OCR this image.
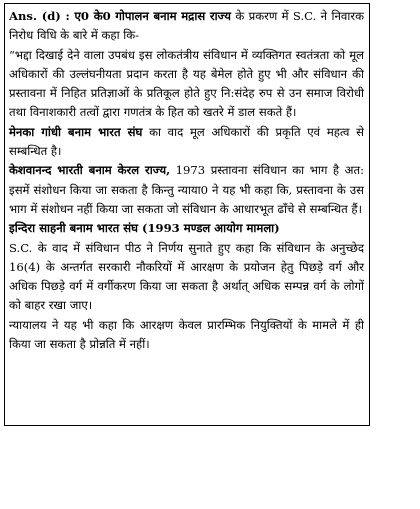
Ans. (d) : ए0 के0 गोपालन बनाम मद्रास राज्य के प्रकरण में S.C. ने निवारक निरोध विधि के बारे में कहा कि-

“भद्दा दिखाई देने वाला उपबंध इस लोकतंत्रीय संविधान में व्यक्तिगत स्वतंत्रता को मूल अधिकारों की उल्लंघनीयता प्रदान करता है यह बेमेल होते हुए भी और संविधान की प्रस्तावना में निहित प्रतिज्ञाओं के प्रतिकूल होते हुए नि:संदेह रुप से उन समाज विरोधी तथा विनाशकारी तत्वों द्वारा गणतंत्र के हित को खतरे में डाल सकते हैं।

मेनका गांधी बनाम भारत संघ का वाद मूल अधिकारों की प्रकृति एवं महत्व से सम्बन्धित है।

केशवानन्द भारती बनाम केरल राज्य, 1973 प्रस्तावना संविधान का भाग है अत: इसमें संशोधन किया जा सकता है किन्तु न्याया0 ने यह भी कहा कि, प्रस्तावना के उस भाग में संशोधन नहीं किया जा सकता जो संविधान के आधारभूत ढाँचे से सम्बन्धित हैं।

इन्दिरा साहनी बनाम भारत संघ (1993 मण्डल आयोग मामला)

S.C. के वाद में संविधान पीठ ने निर्णय सुनाते हुए कहा कि संविधान के अनुच्छेद 16(4) के अन्तर्गत सरकारी नौकरियों में आरक्षण के प्रयोजन हेतु पिछड़े वर्ग और अधिक पिछड़े वर्ग में वर्गीकरण किया जा सकता है अर्थात् अधिक सम्पन्न वर्ग के लोगों को बाहर रखा जाए।

न्यायालय ने यह भी कहा कि आरक्षण केवल प्रारम्भिक नियुक्तियों के मामले में ही किया जा सकता है प्रोन्नति में नहीं।
